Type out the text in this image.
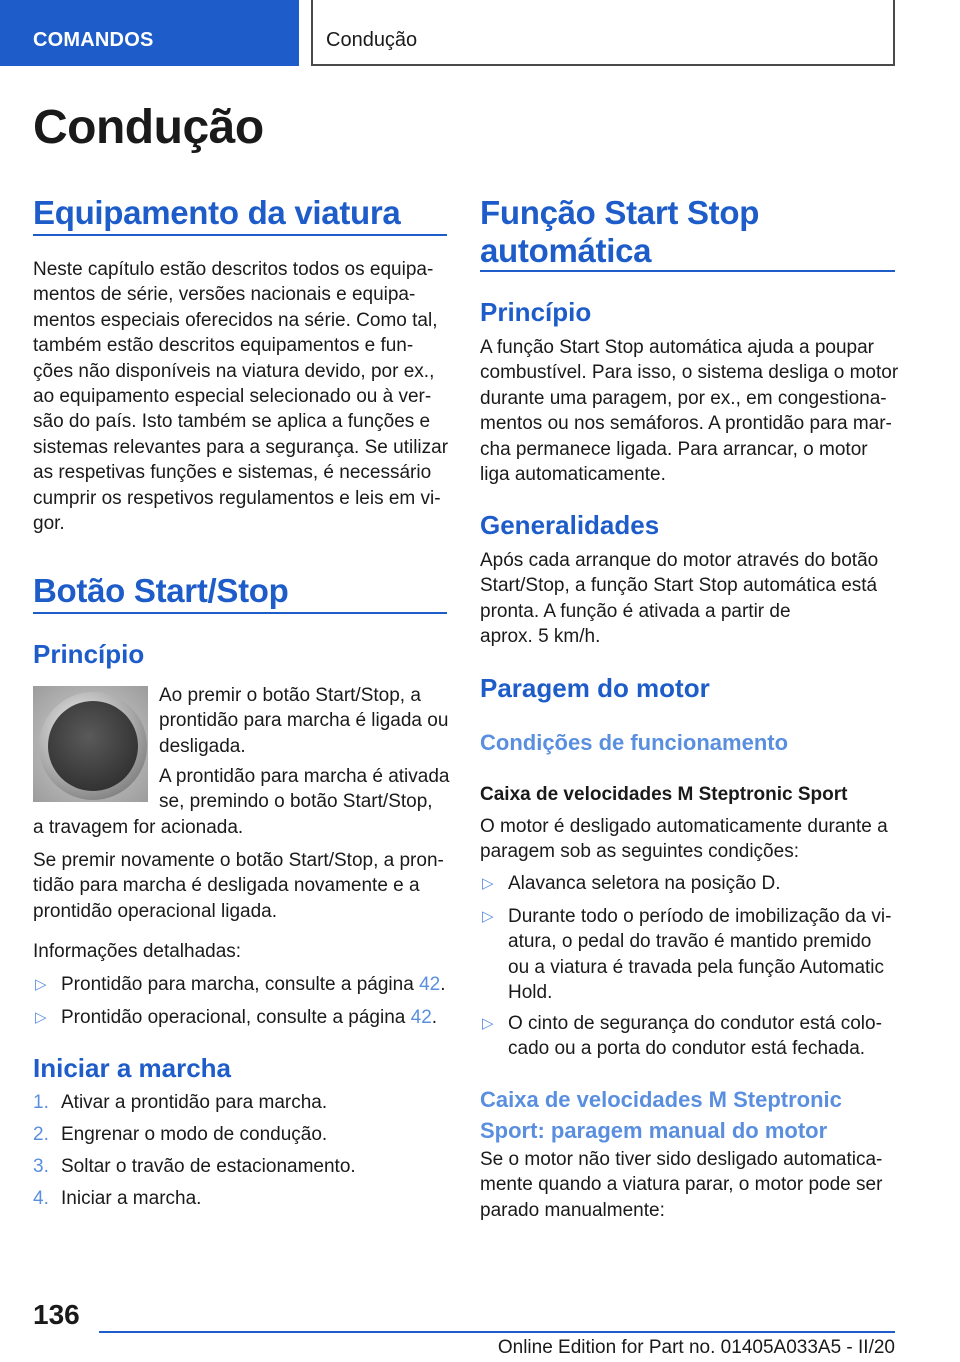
COMANDOS	Condução
Condução
Equipamento da viatura
Neste capítulo estão descritos todos os equipa‐
mentos de série, versões nacionais e equipa‐
mentos especiais oferecidos na série. Como tal,
também estão descritos equipamentos e fun‐
ções não disponíveis na viatura devido, por ex.,
ao equipamento especial selecionado ou à ver‐
são do país. Isto também se aplica a funções e
sistemas relevantes para a segurança. Se utilizar
as respetivas funções e sistemas, é necessário
cumprir os respetivos regulamentos e leis em vi‐
gor.
Botão Start/Stop
Princípio
Ao premir o botão Start/Stop, a
prontidão para marcha é ligada ou
desligada.
A prontidão para marcha é ativada
se, premindo o botão Start/Stop,
a travagem for acionada.
Se premir novamente o botão Start/Stop, a pron‐
tidão para marcha é desligada novamente e a
prontidão operacional ligada.
Informações detalhadas:
▷ Prontidão para marcha, consulte a página 42.
▷ Prontidão operacional, consulte a página 42.
Iniciar a marcha
1. Ativar a prontidão para marcha.
2. Engrenar o modo de condução.
3. Soltar o travão de estacionamento.
4. Iniciar a marcha.
Função Start Stop
automática
Princípio
A função Start Stop automática ajuda a poupar
combustível. Para isso, o sistema desliga o motor
durante uma paragem, por ex., em congestiona‐
mentos ou nos semáforos. A prontidão para mar‐
cha permanece ligada. Para arrancar, o motor
liga automaticamente.
Generalidades
Após cada arranque do motor através do botão
Start/Stop, a função Start Stop automática está
pronta. A função é ativada a partir de
aprox. 5 km/h.
Paragem do motor
Condições de funcionamento
Caixa de velocidades M Steptronic Sport
O motor é desligado automaticamente durante a
paragem sob as seguintes condições:
▷ Alavanca seletora na posição D.
▷ Durante todo o período de imobilização da vi‐
atura, o pedal do travão é mantido premido
ou a viatura é travada pela função Automatic
Hold.
▷ O cinto de segurança do condutor está colo‐
cado ou a porta do condutor está fechada.
Caixa de velocidades M Steptronic
Sport: paragem manual do motor
Se o motor não tiver sido desligado automatica‐
mente quando a viatura parar, o motor pode ser
parado manualmente:
136
Online Edition for Part no. 01405A033A5 - II/20
